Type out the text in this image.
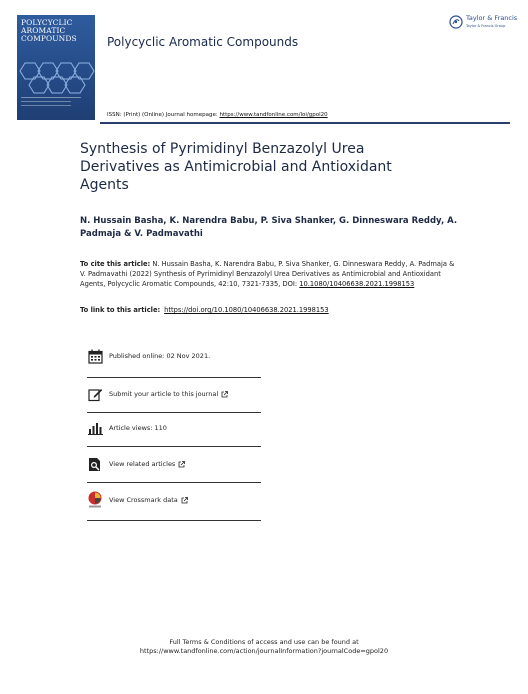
POLYCYCLIC AROMATIC COMPOUNDS	Polycyclic Aromatic Compounds
Taylor & Francis
Taylor & Francis Group
ISSN: (Print) (Online) Journal homepage: https://www.tandfonline.com/loi/gpol20
Synthesis of Pyrimidinyl Benzazolyl Urea Derivatives as Antimicrobial and Antioxidant Agents
N. Hussain Basha, K. Narendra Babu, P. Siva Shanker, G. Dinneswara Reddy, A. Padmaja & V. Padmavathi
To cite this article: N. Hussain Basha, K. Narendra Babu, P. Siva Shanker, G. Dinneswara Reddy, A. Padmaja & V. Padmavathi (2022) Synthesis of Pyrimidinyl Benzazolyl Urea Derivatives as Antimicrobial and Antioxidant Agents, Polycyclic Aromatic Compounds, 42:10, 7321-7335, DOI: 10.1080/10406638.2021.1998153
To link to this article: https://doi.org/10.1080/10406638.2021.1998153
Published online: 02 Nov 2021.
Submit your article to this journal
Article views: 110
View related articles
View Crossmark data
Full Terms & Conditions of access and use can be found at
https://www.tandfonline.com/action/journalInformation?journalCode=gpol20
